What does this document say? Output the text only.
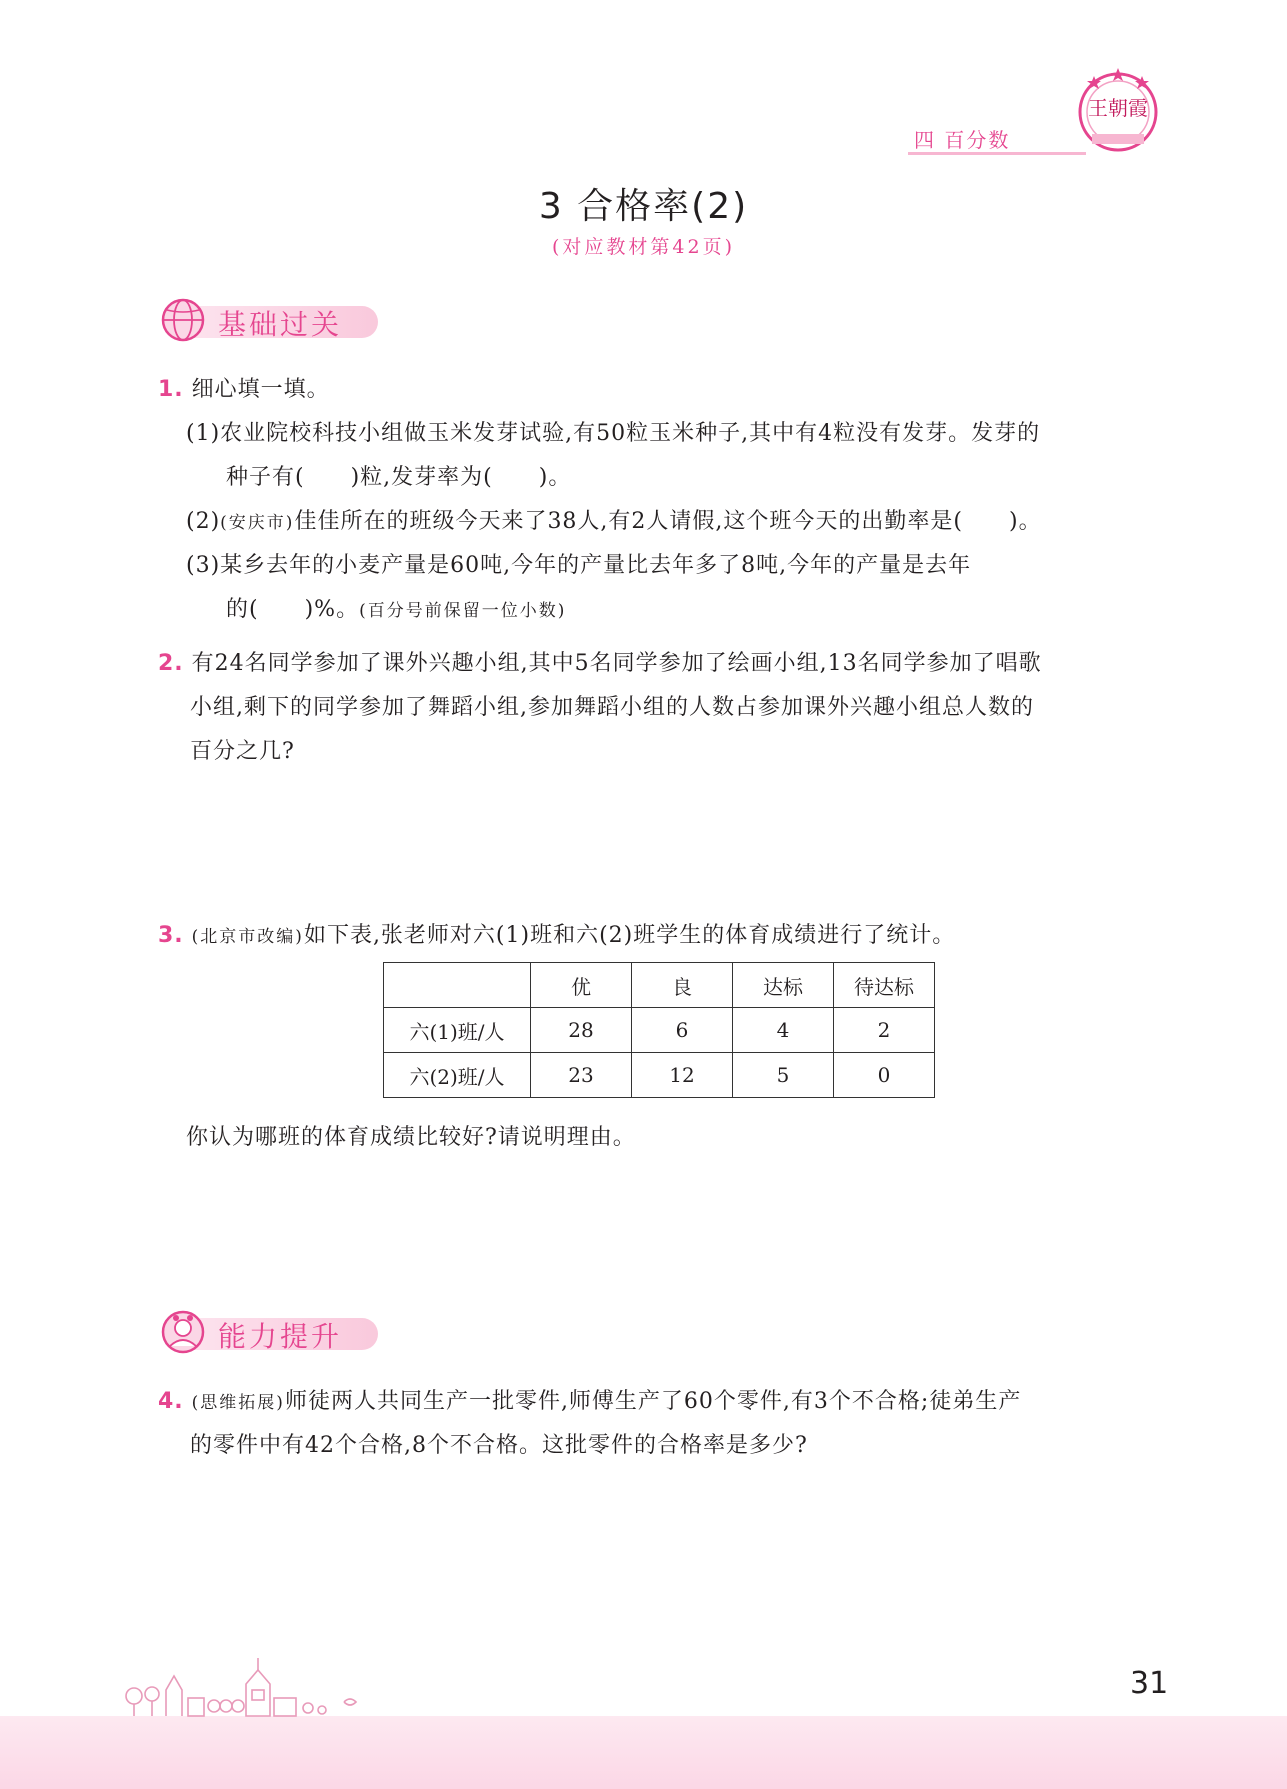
四 百分数
王朝霞
3 合格率(2)
(对应教材第42页)
基础过关
1. 细心填一填。
(1)农业院校科技小组做玉米发芽试验,有50粒玉米种子,其中有4粒没有发芽。发芽的
种子有(　　)粒,发芽率为(　　)。
(2)(安庆市)佳佳所在的班级今天来了38人,有2人请假,这个班今天的出勤率是(　　)。
(3)某乡去年的小麦产量是60吨,今年的产量比去年多了8吨,今年的产量是去年
的(　　)%。(百分号前保留一位小数)
2. 有24名同学参加了课外兴趣小组,其中5名同学参加了绘画小组,13名同学参加了唱歌
小组,剩下的同学参加了舞蹈小组,参加舞蹈小组的人数占参加课外兴趣小组总人数的
百分之几?
3. (北京市改编)如下表,张老师对六(1)班和六(2)班学生的体育成绩进行了统计。
	优	良	达标	待达标
六(1)班/人	28	6	4	2
六(2)班/人	23	12	5	0
你认为哪班的体育成绩比较好?请说明理由。
能力提升
4. (思维拓展)师徒两人共同生产一批零件,师傅生产了60个零件,有3个不合格;徒弟生产
的零件中有42个合格,8个不合格。这批零件的合格率是多少?
31
